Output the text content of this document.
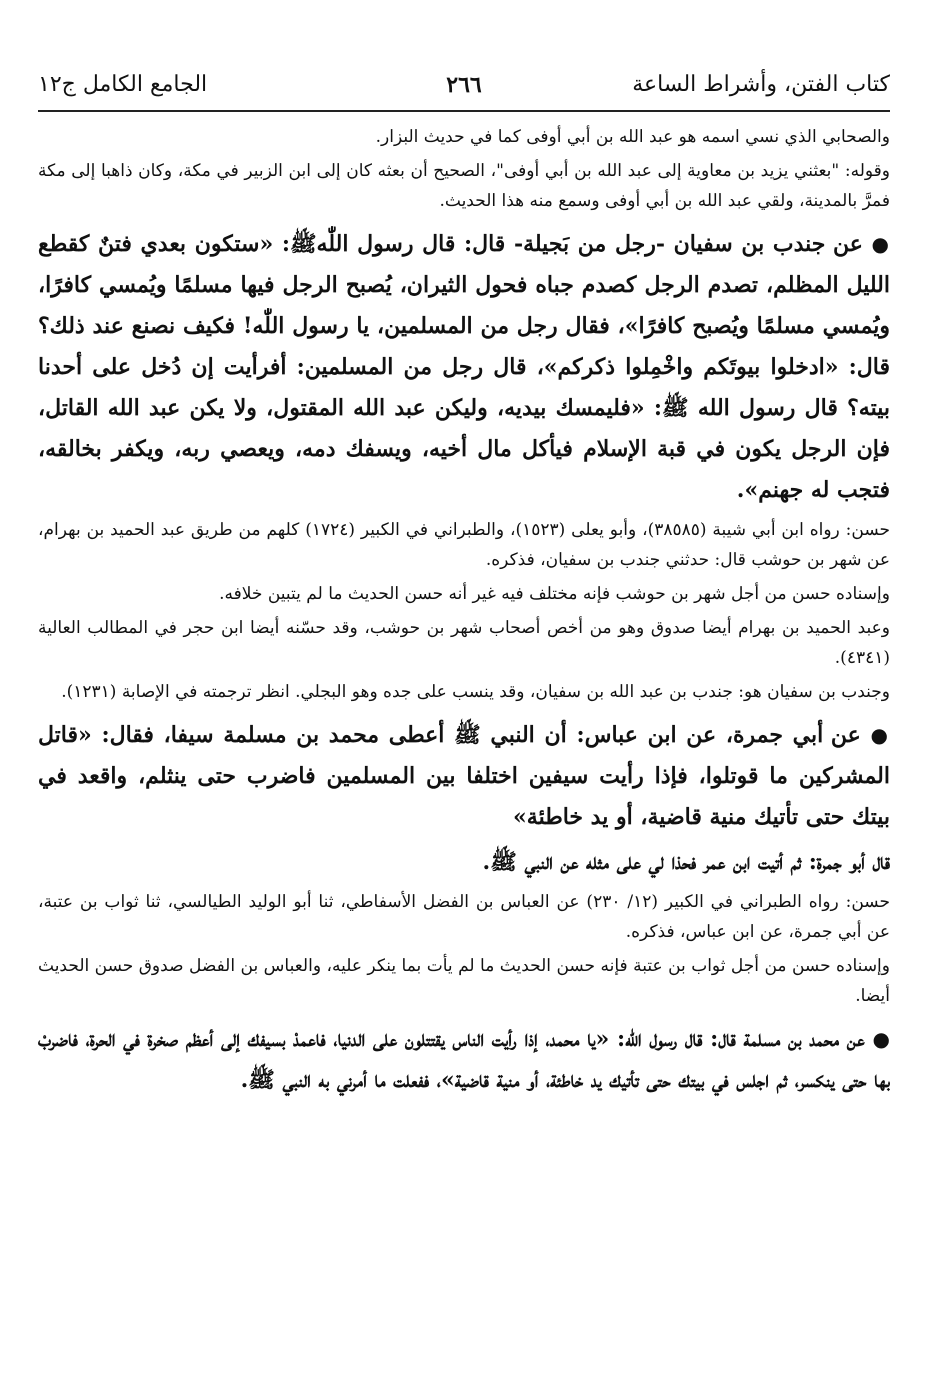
كتاب الفتن، وأشراط الساعة
٢٦٦
الجامع الكامل ج١٢

والصحابي الذي نسي اسمه هو عبد الله بن أبي أوفى كما في حديث البزار.

وقوله: "بعثني يزيد بن معاوية إلى عبد الله بن أبي أوفى"، الصحيح أن بعثه كان إلى ابن الزبير في مكة، وكان ذاهبا إلى مكة فمرَّ بالمدينة، ولقي عبد الله بن أبي أوفى وسمع منه هذا الحديث.

● عن جندب بن سفيان -رجل من بَجيلة- قال: قال رسول اللّٰهﷺ: «ستكون بعدي فتنٌ كقطع الليل المظلم، تصدم الرجل كصدم جباه فحول الثيران، يُصبح الرجل فيها مسلمًا ويُمسي كافرًا، ويُمسي مسلمًا ويُصبح كافرًا»، فقال رجل من المسلمين، يا رسول اللّٰه! فكيف نصنع عند ذلك؟ قال: «ادخلوا بيوتَكم واخْمِلوا ذكركم»، قال رجل من المسلمين: أفرأيت إن دُخل على أحدنا بيته؟ قال رسول الله ﷺ: «فليمسك بيديه، وليكن عبد الله المقتول، ولا يكن عبد الله القاتل، فإن الرجل يكون في قبة الإسلام فيأكل مال أخيه، ويسفك دمه، ويعصي ربه، ويكفر بخالقه، فتجب له جهنم».

حسن: رواه ابن أبي شيبة (٣٨٥٨٥)، وأبو يعلى (١٥٢٣)، والطبراني في الكبير (١٧٢٤) كلهم من طريق عبد الحميد بن بهرام، عن شهر بن حوشب قال: حدثني جندب بن سفيان، فذكره.

وإسناده حسن من أجل شهر بن حوشب فإنه مختلف فيه غير أنه حسن الحديث ما لم يتبين خلافه.

وعبد الحميد بن بهرام أيضا صدوق وهو من أخص أصحاب شهر بن حوشب، وقد حسّنه أيضا ابن حجر في المطالب العالية (٤٣٤١).

وجندب بن سفيان هو: جندب بن عبد الله بن سفيان، وقد ينسب على جده وهو البجلي. انظر ترجمته في الإصابة (١٢٣١).

● عن أبي جمرة، عن ابن عباس: أن النبي ﷺ أعطى محمد بن مسلمة سيفا، فقال: «قاتل المشركين ما قوتلوا، فإذا رأيت سيفين اختلفا بين المسلمين فاضرب حتى ينثلم، واقعد في بيتك حتى تأتيك منية قاضية، أو يد خاطئة»

قال أبو جمرة: ثم أتيت ابن عمر فحذا لي على مثله عن النبي ﷺ.

حسن: رواه الطبراني في الكبير (١٢/ ٢٣٠) عن العباس بن الفضل الأسفاطي، ثنا أبو الوليد الطيالسي، ثنا ثواب بن عتبة، عن أبي جمرة، عن ابن عباس، فذكره.

وإسناده حسن من أجل ثواب بن عتبة فإنه حسن الحديث ما لم يأت بما ينكر عليه، والعباس بن الفضل صدوق حسن الحديث أيضا.

● عن محمد بن مسلمة قال: قال رسول اللّٰه: «يا محمد، إذا رأيت الناس يقتتلون على الدنيا، فاعمدْ بسيفك إلى أعظم صخرة في الحرة، فاضربْ بها حتى ينكسر، ثم اجلس في بيتك حتى تأتيك يد خاطئة، أو منية قاضية»، ففعلت ما أمرني به النبي ﷺ.
